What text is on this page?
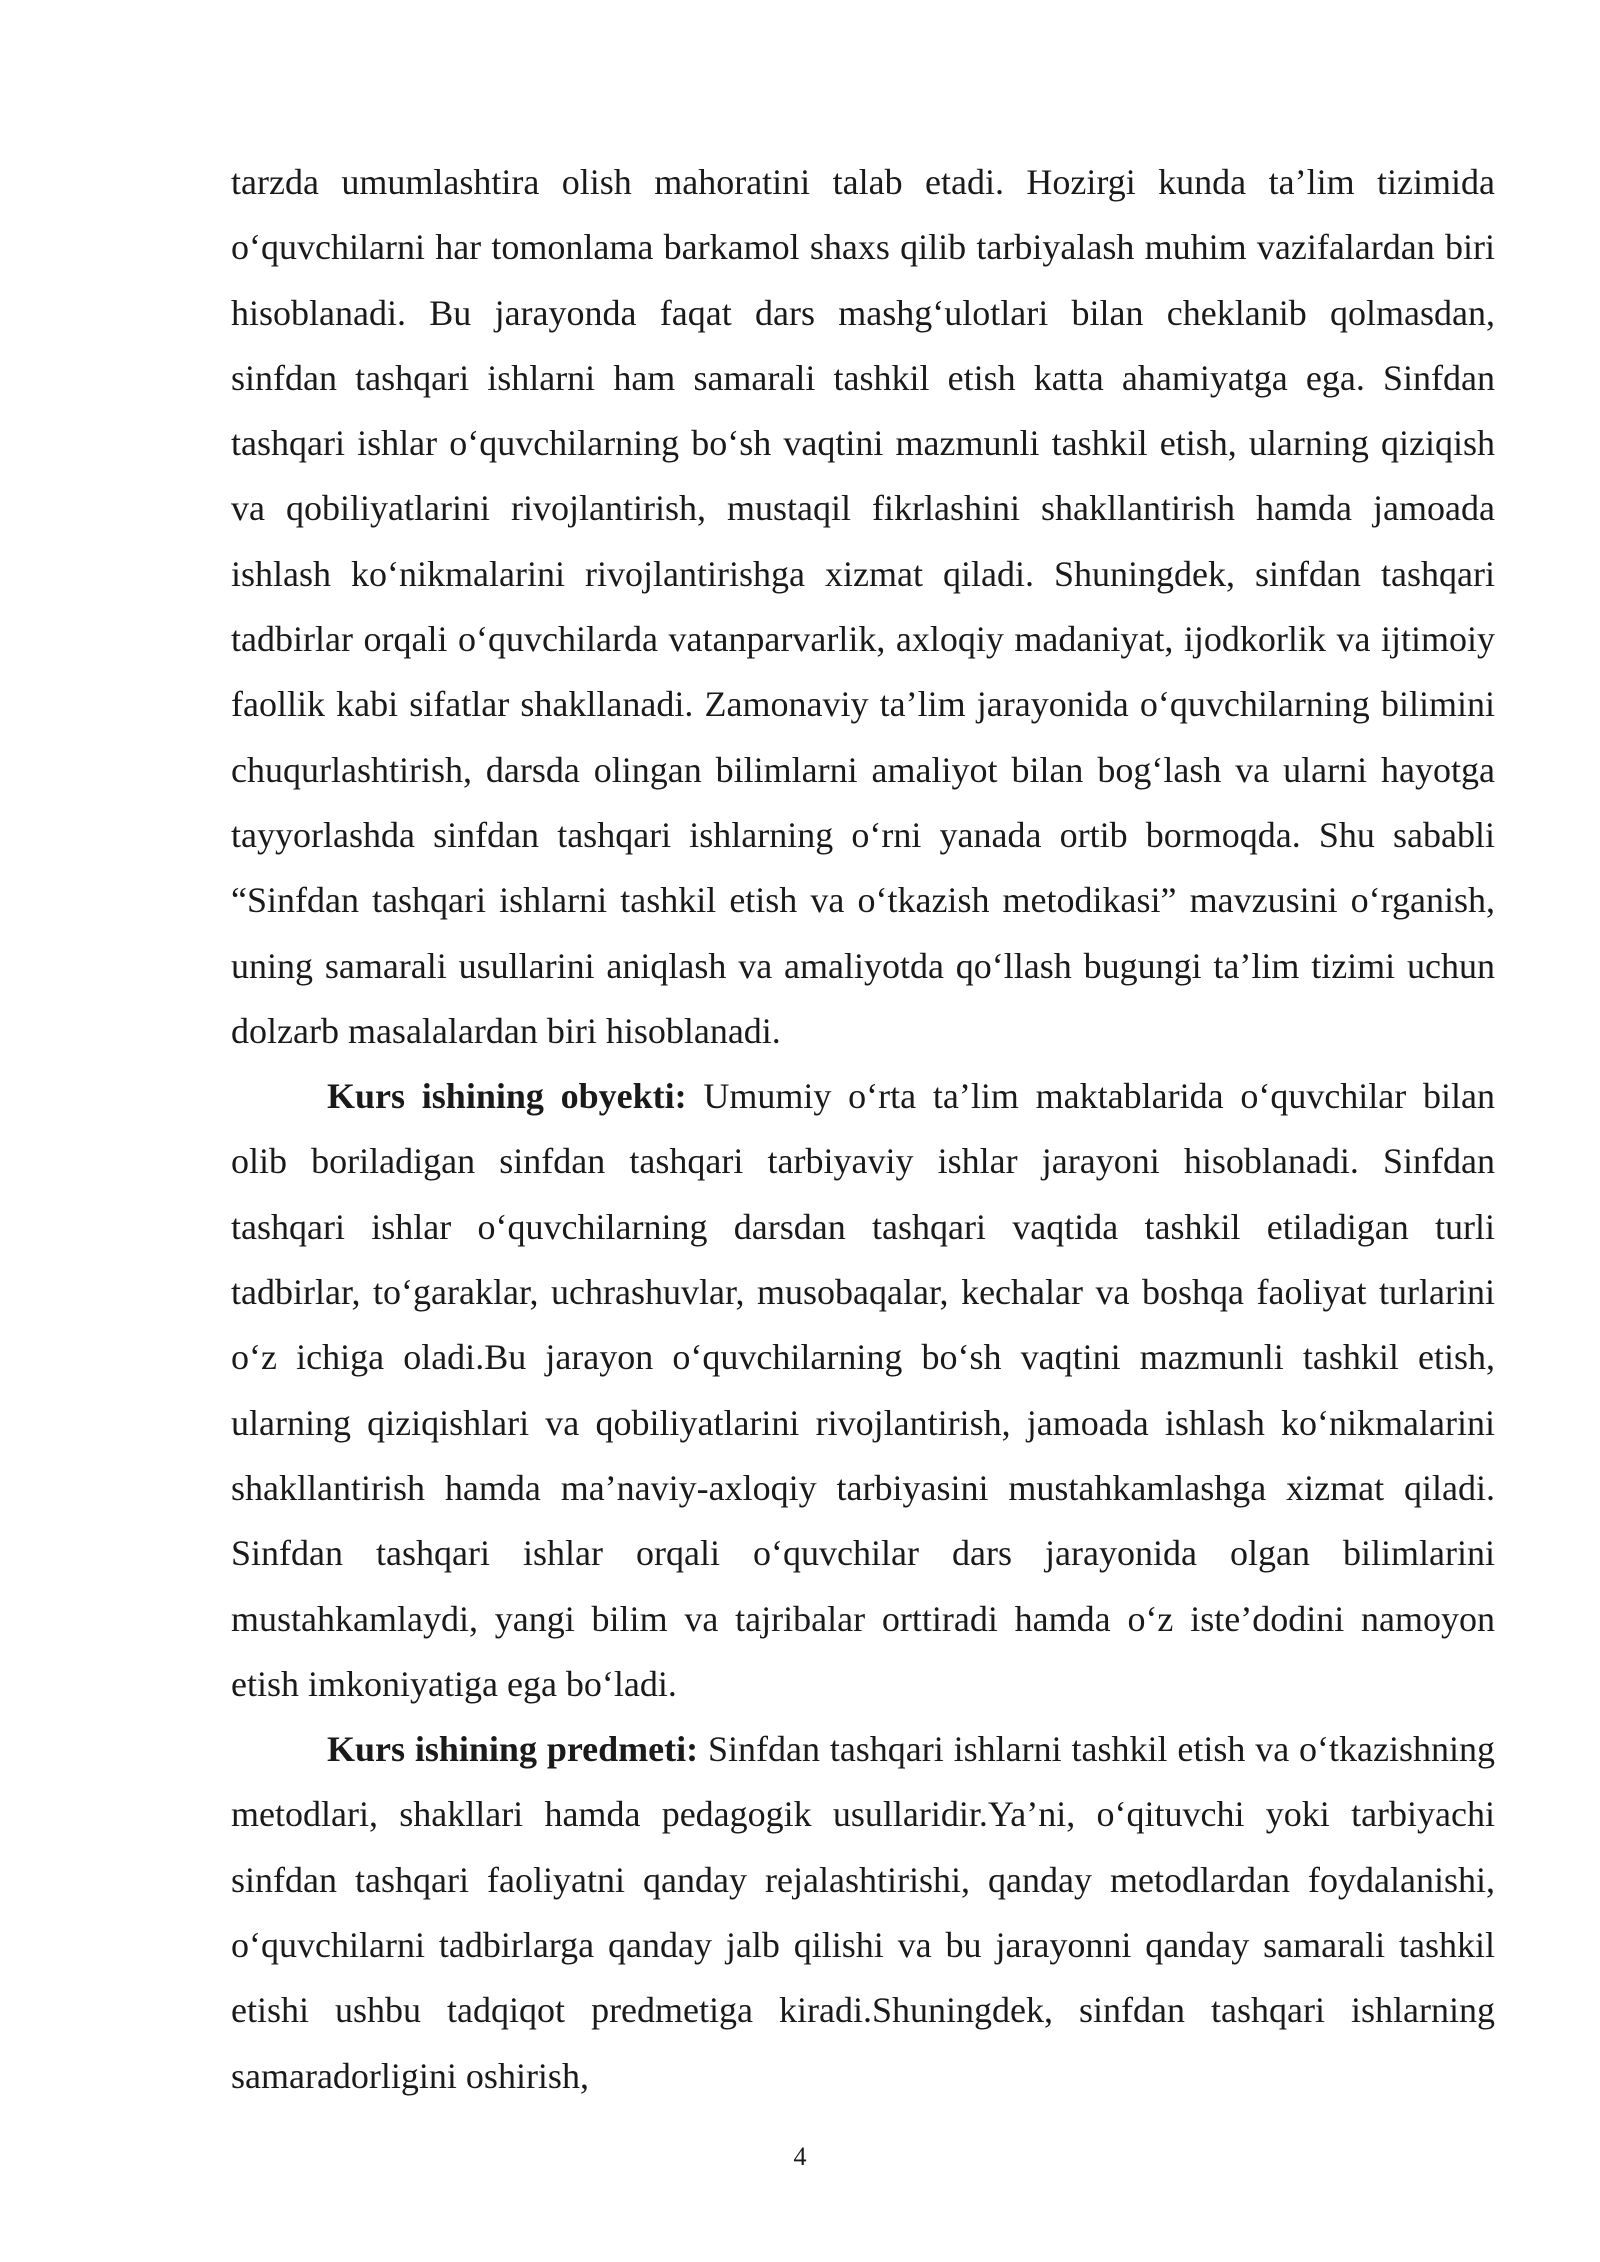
tarzda umumlashtira olish mahoratini talab etadi. Hozirgi kunda ta’lim tizimida o‘quvchilarni har tomonlama barkamol shaxs qilib tarbiyalash muhim vazifalardan biri hisoblanadi. Bu jarayonda faqat dars mashg‘ulotlari bilan cheklanib qolmasdan, sinfdan tashqari ishlarni ham samarali tashkil etish katta ahamiyatga ega. Sinfdan tashqari ishlar o‘quvchilarning bo‘sh vaqtini mazmunli tashkil etish, ularning qiziqish va qobiliyatlarini rivojlantirish, mustaqil fikrlashini shakllantirish hamda jamoada ishlash ko‘nikmalarini rivojlantirishga xizmat qiladi. Shuningdek, sinfdan tashqari tadbirlar orqali o‘quvchilarda vatanparvarlik, axloqiy madaniyat, ijodkorlik va ijtimoiy faollik kabi sifatlar shakllanadi. Zamonaviy ta’lim jarayonida o‘quvchilarning bilimini chuqurlashtirish, darsda olingan bilimlarni amaliyot bilan bog‘lash va ularni hayotga tayyorlashda sinfdan tashqari ishlarning o‘rni yanada ortib bormoqda. Shu sababli “Sinfdan tashqari ishlarni tashkil etish va o‘tkazish metodikasi” mavzusini o‘rganish, uning samarali usullarini aniqlash va amaliyotda qo‘llash bugungi ta’lim tizimi uchun dolzarb masalalardan biri hisoblanadi.

Kurs ishining obyekti: Umumiy o‘rta ta’lim maktablarida o‘quvchilar bilan olib boriladigan sinfdan tashqari tarbiyaviy ishlar jarayoni hisoblanadi. Sinfdan tashqari ishlar o‘quvchilarning darsdan tashqari vaqtida tashkil etiladigan turli tadbirlar, to‘garaklar, uchrashuvlar, musobaqalar, kechalar va boshqa faoliyat turlarini o‘z ichiga oladi.Bu jarayon o‘quvchilarning bo‘sh vaqtini mazmunli tashkil etish, ularning qiziqishlari va qobiliyatlarini rivojlantirish, jamoada ishlash ko‘nikmalarini shakllantirish hamda ma’naviy-axloqiy tarbiyasini mustahkamlashga xizmat qiladi. Sinfdan tashqari ishlar orqali o‘quvchilar dars jarayonida olgan bilimlarini mustahkamlaydi, yangi bilim va tajribalar orttiradi hamda o‘z iste’dodini namoyon etish imkoniyatiga ega bo‘ladi.

Kurs ishining predmeti: Sinfdan tashqari ishlarni tashkil etish va o‘tkazishning metodlari, shakllari hamda pedagogik usullaridir.Ya’ni, o‘qituvchi yoki tarbiyachi sinfdan tashqari faoliyatni qanday rejalashtirishi, qanday metodlardan foydalanishi, o‘quvchilarni tadbirlarga qanday jalb qilishi va bu jarayonni qanday samarali tashkil etishi ushbu tadqiqot predmetiga kiradi.Shuningdek, sinfdan tashqari ishlarning samaradorligini oshirish,

4
